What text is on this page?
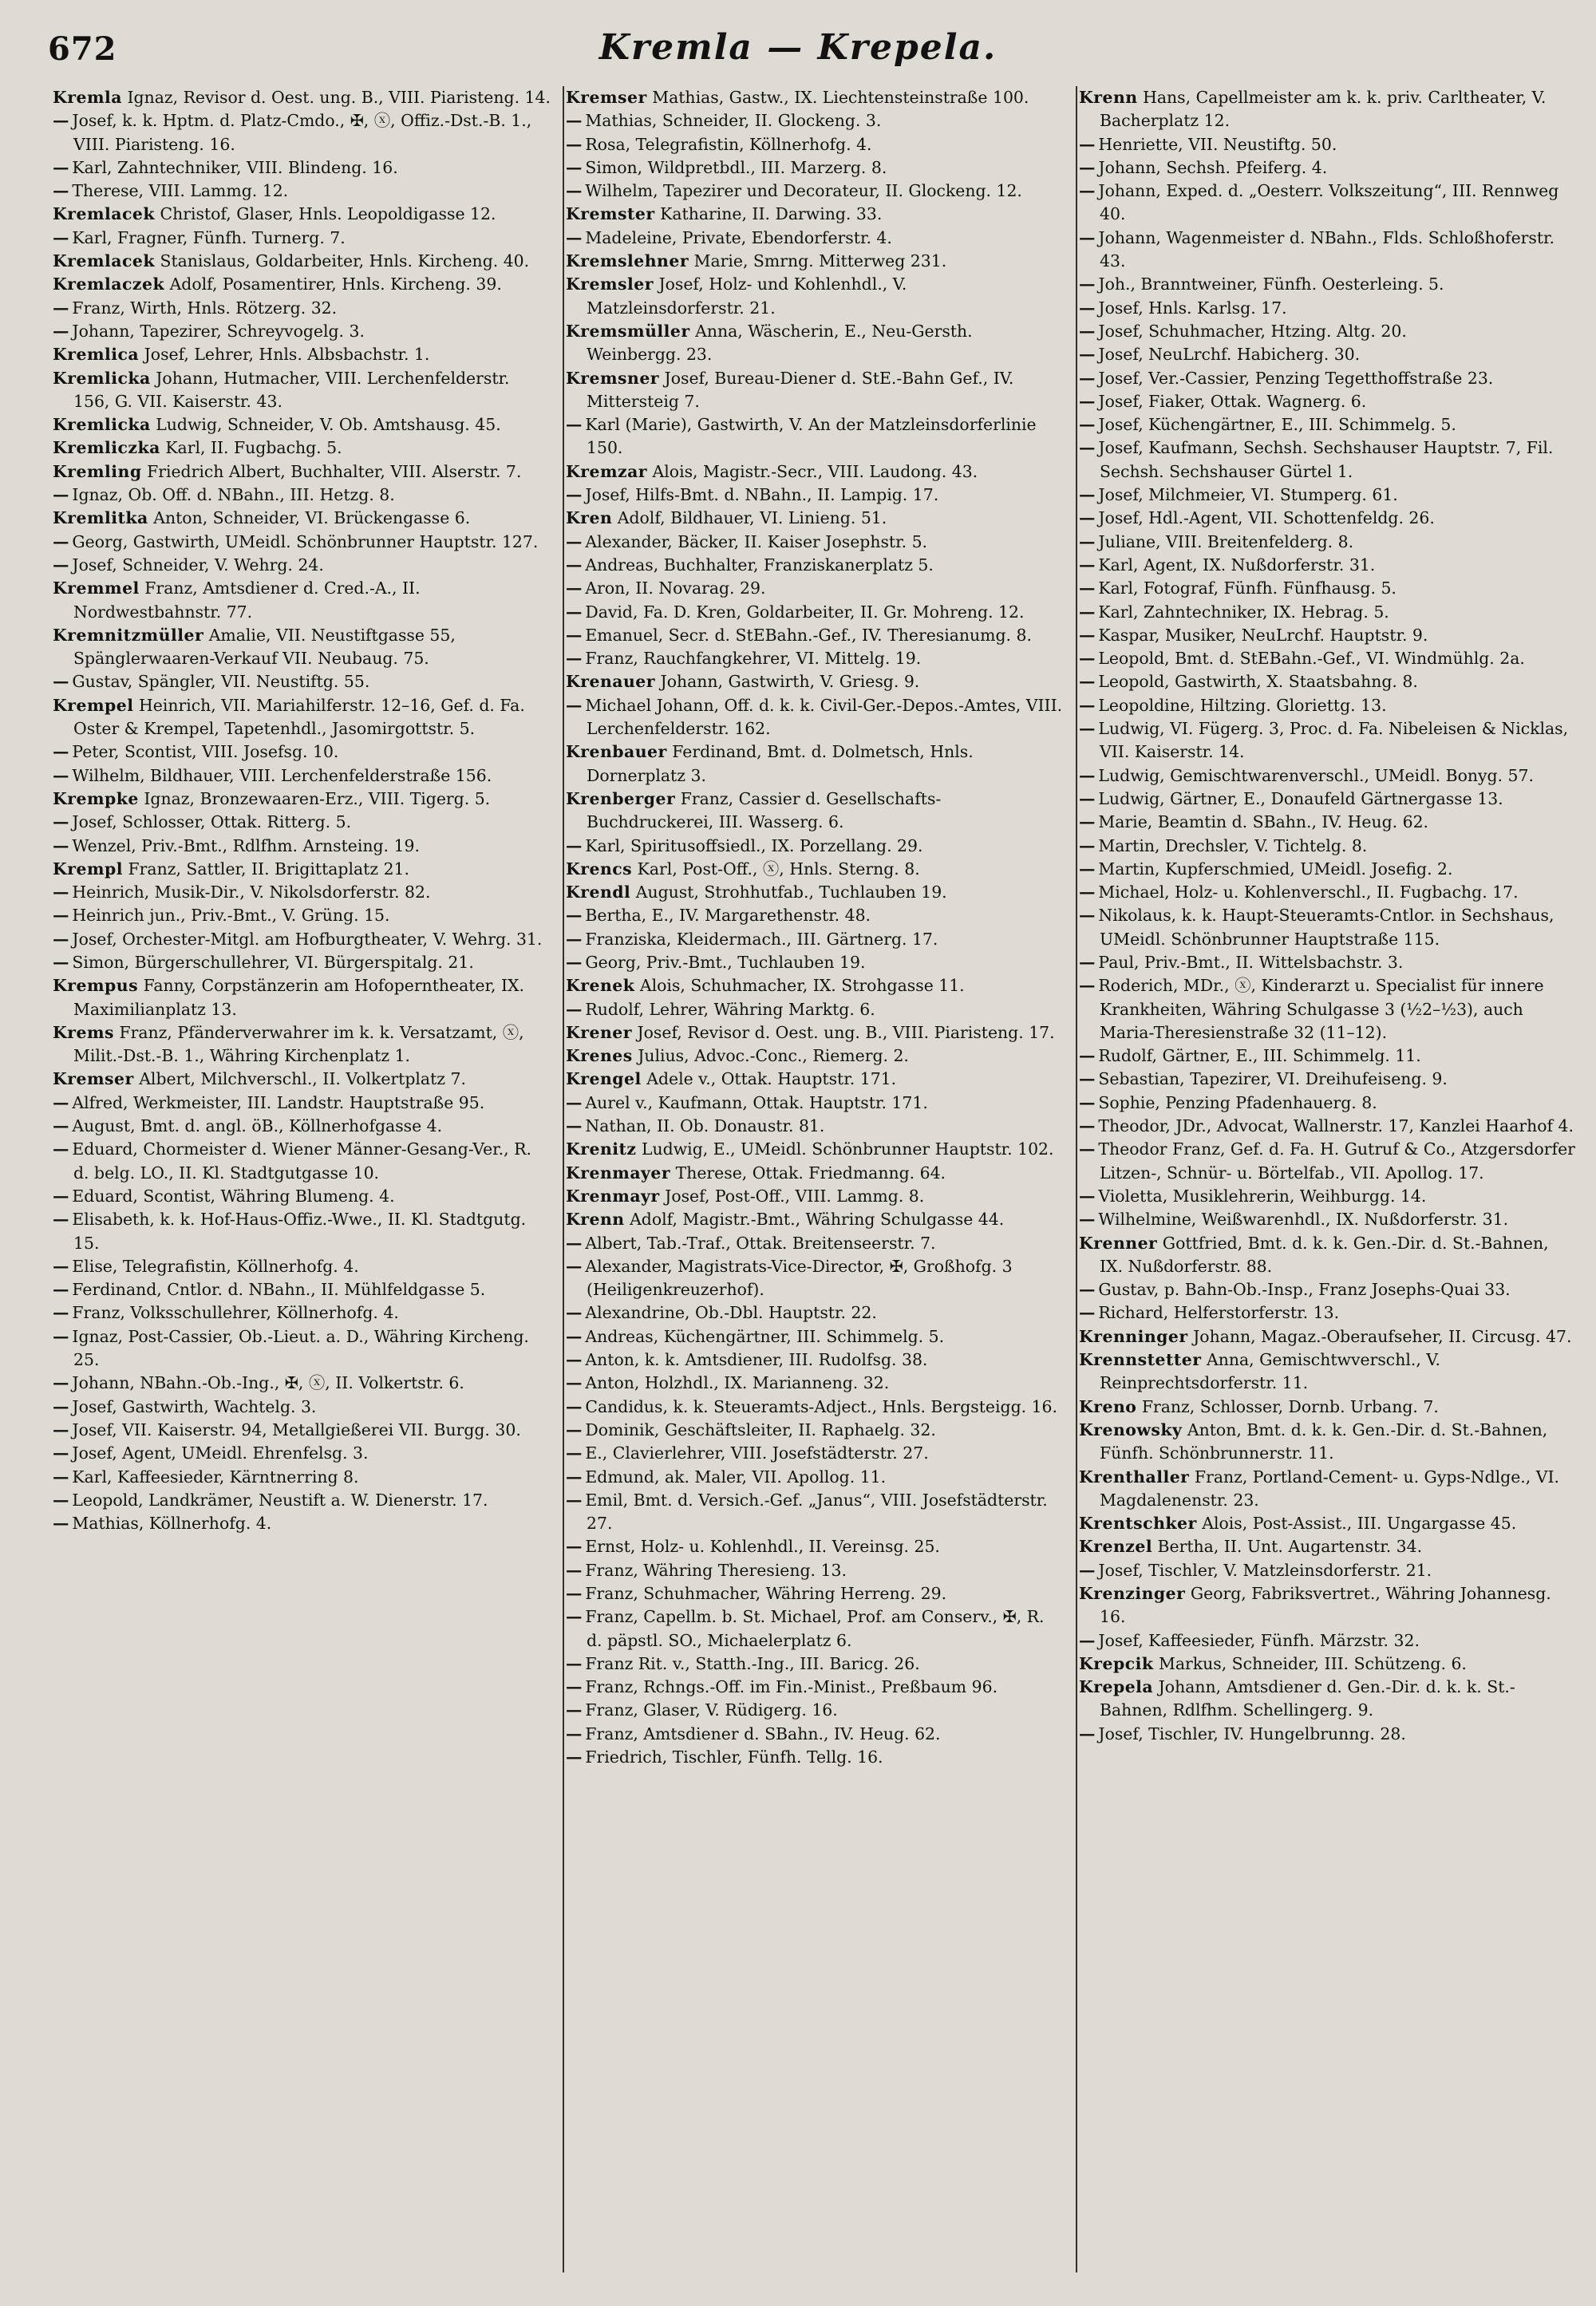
672	Kremla — Krepela.

Kremla Ignaz, Revisor d. Oest. ung. B., VIII. Piaristeng. 14.

— Josef, k. k. Hptm. d. Platz-Cmdo., ✠, ⓧ, Offiz.-Dst.-B. 1., VIII. Piaristeng. 16.

— Karl, Zahntechniker, VIII. Blindeng. 16.

— Therese, VIII. Lammg. 12.

Kremlacek Christof, Glaser, Hnls. Leopoldigasse 12.

— Karl, Fragner, Fünfh. Turnerg. 7.

Kremlacek Stanislaus, Goldarbeiter, Hnls. Kircheng. 40.

Kremlaczek Adolf, Posamentirer, Hnls. Kircheng. 39.

— Franz, Wirth, Hnls. Rötzerg. 32.

— Johann, Tapezirer, Schreyvogelg. 3.

Kremlica Josef, Lehrer, Hnls. Albsbachstr. 1.

Kremlicka Johann, Hutmacher, VIII. Lerchenfelderstr. 156, G. VII. Kaiserstr. 43.

Kremlicka Ludwig, Schneider, V. Ob. Amtshausg. 45.

Kremliczka Karl, II. Fugbachg. 5.

Kremling Friedrich Albert, Buchhalter, VIII. Alserstr. 7.

— Ignaz, Ob. Off. d. NBahn., III. Hetzg. 8.

Kremlitka Anton, Schneider, VI. Brückengasse 6.

— Georg, Gastwirth, UMeidl. Schönbrunner Hauptstr. 127.

— Josef, Schneider, V. Wehrg. 24.

Kremmel Franz, Amtsdiener d. Cred.-A., II. Nordwestbahnstr. 77.

Kremnitzmüller Amalie, VII. Neustiftgasse 55, Spänglerwaaren-Verkauf VII. Neubaug. 75.

— Gustav, Spängler, VII. Neustiftg. 55.

Krempel Heinrich, VII. Mariahilferstr. 12–16, Gef. d. Fa. Oster & Krempel, Tapetenhdl., Jasomirgottstr. 5.

— Peter, Scontist, VIII. Josefsg. 10.

— Wilhelm, Bildhauer, VIII. Lerchenfelderstraße 156.

Krempke Ignaz, Bronzewaaren-Erz., VIII. Tigerg. 5.

— Josef, Schlosser, Ottak. Ritterg. 5.

— Wenzel, Priv.-Bmt., Rdlfhm. Arnsteing. 19.

Krempl Franz, Sattler, II. Brigittaplatz 21.

— Heinrich, Musik-Dir., V. Nikolsdorferstr. 82.

— Heinrich jun., Priv.-Bmt., V. Grüng. 15.

— Josef, Orchester-Mitgl. am Hofburgtheater, V. Wehrg. 31.

— Simon, Bürgerschullehrer, VI. Bürgerspitalg. 21.

Krempus Fanny, Corpstänzerin am Hofoperntheater, IX. Maximilianplatz 13.

Krems Franz, Pfänderverwahrer im k. k. Versatzamt, ⓧ, Milit.-Dst.-B. 1., Währing Kirchenplatz 1.

Kremser Albert, Milchverschl., II. Volkertplatz 7.

— Alfred, Werkmeister, III. Landstr. Hauptstraße 95.

— August, Bmt. d. angl. öB., Köllnerhofgasse 4.

— Eduard, Chormeister d. Wiener Männer-Gesang-Ver., R. d. belg. LO., II. Kl. Stadtgutgasse 10.

— Eduard, Scontist, Währing Blumeng. 4.

— Elisabeth, k. k. Hof-Haus-Offiz.-Wwe., II. Kl. Stadtgutg. 15.

— Elise, Telegrafistin, Köllnerhofg. 4.

— Ferdinand, Cntlor. d. NBahn., II. Mühlfeldgasse 5.

— Franz, Volksschullehrer, Köllnerhofg. 4.

— Ignaz, Post-Cassier, Ob.-Lieut. a. D., Währing Kircheng. 25.

— Johann, NBahn.-Ob.-Ing., ✠, ⓧ, II. Volkertstr. 6.

— Josef, Gastwirth, Wachtelg. 3.

— Josef, VII. Kaiserstr. 94, Metallgießerei VII. Burgg. 30.

— Josef, Agent, UMeidl. Ehrenfelsg. 3.

— Karl, Kaffeesieder, Kärntnerring 8.

— Leopold, Landkrämer, Neustift a. W. Dienerstr. 17.

— Mathias, Köllnerhofg. 4.

Kremser Mathias, Gastw., IX. Liechtensteinstraße 100.

— Mathias, Schneider, II. Glockeng. 3.

— Rosa, Telegrafistin, Köllnerhofg. 4.

— Simon, Wildpretbdl., III. Marzerg. 8.

— Wilhelm, Tapezirer und Decorateur, II. Glockeng. 12.

Kremster Katharine, II. Darwing. 33.

— Madeleine, Private, Ebendorferstr. 4.

Kremslehner Marie, Smrng. Mitterweg 231.

Kremsler Josef, Holz- und Kohlenhdl., V. Matzleinsdorferstr. 21.

Kremsmüller Anna, Wäscherin, E., Neu-Gersth. Weinbergg. 23.

Kremsner Josef, Bureau-Diener d. StE.-Bahn Gef., IV. Mittersteig 7.

— Karl (Marie), Gastwirth, V. An der Matzleinsdorferlinie 150.

Kremzar Alois, Magistr.-Secr., VIII. Laudong. 43.

— Josef, Hilfs-Bmt. d. NBahn., II. Lampig. 17.

Kren Adolf, Bildhauer, VI. Linieng. 51.

— Alexander, Bäcker, II. Kaiser Josephstr. 5.

— Andreas, Buchhalter, Franziskanerplatz 5.

— Aron, II. Novarag. 29.

— David, Fa. D. Kren, Goldarbeiter, II. Gr. Mohreng. 12.

— Emanuel, Secr. d. StEBahn.-Gef., IV. Theresianumg. 8.

— Franz, Rauchfangkehrer, VI. Mittelg. 19.

Krenauer Johann, Gastwirth, V. Griesg. 9.

— Michael Johann, Off. d. k. k. Civil-Ger.-Depos.-Amtes, VIII. Lerchenfelderstr. 162.

Krenbauer Ferdinand, Bmt. d. Dolmetsch, Hnls. Dornerplatz 3.

Krenberger Franz, Cassier d. Gesellschafts-Buchdruckerei, III. Wasserg. 6.

— Karl, Spiritusoffsiedl., IX. Porzellang. 29.

Krencs Karl, Post-Off., ⓧ, Hnls. Sterng. 8.

Krendl August, Strohhutfab., Tuchlauben 19.

— Bertha, E., IV. Margarethenstr. 48.

— Franziska, Kleidermach., III. Gärtnerg. 17.

— Georg, Priv.-Bmt., Tuchlauben 19.

Krenek Alois, Schuhmacher, IX. Strohgasse 11.

— Rudolf, Lehrer, Währing Marktg. 6.

Krener Josef, Revisor d. Oest. ung. B., VIII. Piaristeng. 17.

Krenes Julius, Advoc.-Conc., Riemerg. 2.

Krengel Adele v., Ottak. Hauptstr. 171.

— Aurel v., Kaufmann, Ottak. Hauptstr. 171.

— Nathan, II. Ob. Donaustr. 81.

Krenitz Ludwig, E., UMeidl. Schönbrunner Hauptstr. 102.

Krenmayer Therese, Ottak. Friedmanng. 64.

Krenmayr Josef, Post-Off., VIII. Lammg. 8.

Krenn Adolf, Magistr.-Bmt., Währing Schulgasse 44.

— Albert, Tab.-Traf., Ottak. Breitenseerstr. 7.

— Alexander, Magistrats-Vice-Director, ✠, Großhofg. 3 (Heiligenkreuzerhof).

— Alexandrine, Ob.-Dbl. Hauptstr. 22.

— Andreas, Küchengärtner, III. Schimmelg. 5.

— Anton, k. k. Amtsdiener, III. Rudolfsg. 38.

— Anton, Holzhdl., IX. Marianneng. 32.

— Candidus, k. k. Steueramts-Adject., Hnls. Bergsteigg. 16.

— Dominik, Geschäftsleiter, II. Raphaelg. 32.

— E., Clavierlehrer, VIII. Josefstädterstr. 27.

— Edmund, ak. Maler, VII. Apollog. 11.

— Emil, Bmt. d. Versich.-Gef. „Janus“, VIII. Josefstädterstr. 27.

— Ernst, Holz- u. Kohlenhdl., II. Vereinsg. 25.

— Franz, Währing Theresieng. 13.

— Franz, Schuhmacher, Währing Herreng. 29.

— Franz, Capellm. b. St. Michael, Prof. am Conserv., ✠, R. d. päpstl. SO., Michaelerplatz 6.

— Franz Rit. v., Statth.-Ing., III. Baricg. 26.

— Franz, Rchngs.-Off. im Fin.-Minist., Preßbaum 96.

— Franz, Glaser, V. Rüdigerg. 16.

— Franz, Amtsdiener d. SBahn., IV. Heug. 62.

— Friedrich, Tischler, Fünfh. Tellg. 16.

Krenn Hans, Capellmeister am k. k. priv. Carltheater, V. Bacherplatz 12.

— Henriette, VII. Neustiftg. 50.

— Johann, Sechsh. Pfeiferg. 4.

— Johann, Exped. d. „Oesterr. Volkszeitung“, III. Rennweg 40.

— Johann, Wagenmeister d. NBahn., Flds. Schloßhoferstr. 43.

— Joh., Branntweiner, Fünfh. Oesterleing. 5.

— Josef, Hnls. Karlsg. 17.

— Josef, Schuhmacher, Htzing. Altg. 20.

— Josef, NeuLrchf. Habicherg. 30.

— Josef, Ver.-Cassier, Penzing Tegetthoffstraße 23.

— Josef, Fiaker, Ottak. Wagnerg. 6.

— Josef, Küchengärtner, E., III. Schimmelg. 5.

— Josef, Kaufmann, Sechsh. Sechshauser Hauptstr. 7, Fil. Sechsh. Sechshauser Gürtel 1.

— Josef, Milchmeier, VI. Stumperg. 61.

— Josef, Hdl.-Agent, VII. Schottenfeldg. 26.

— Juliane, VIII. Breitenfelderg. 8.

— Karl, Agent, IX. Nußdorferstr. 31.

— Karl, Fotograf, Fünfh. Fünfhausg. 5.

— Karl, Zahntechniker, IX. Hebrag. 5.

— Kaspar, Musiker, NeuLrchf. Hauptstr. 9.

— Leopold, Bmt. d. StEBahn.-Gef., VI. Windmühlg. 2a.

— Leopold, Gastwirth, X. Staatsbahng. 8.

— Leopoldine, Hiltzing. Gloriettg. 13.

— Ludwig, VI. Fügerg. 3, Proc. d. Fa. Nibeleisen & Nicklas, VII. Kaiserstr. 14.

— Ludwig, Gemischtwarenverschl., UMeidl. Bonyg. 57.

— Ludwig, Gärtner, E., Donaufeld Gärtnergasse 13.

— Marie, Beamtin d. SBahn., IV. Heug. 62.

— Martin, Drechsler, V. Tichtelg. 8.

— Martin, Kupferschmied, UMeidl. Josefig. 2.

— Michael, Holz- u. Kohlenverschl., II. Fugbachg. 17.

— Nikolaus, k. k. Haupt-Steueramts-Cntlor. in Sechshaus, UMeidl. Schönbrunner Hauptstraße 115.

— Paul, Priv.-Bmt., II. Wittelsbachstr. 3.

— Roderich, MDr., ⓧ, Kinderarzt u. Specialist für innere Krankheiten, Währing Schulgasse 3 (½2–½3), auch Maria-Theresienstraße 32 (11–12).

— Rudolf, Gärtner, E., III. Schimmelg. 11.

— Sebastian, Tapezirer, VI. Dreihufeiseng. 9.

— Sophie, Penzing Pfadenhauerg. 8.

— Theodor, JDr., Advocat, Wallnerstr. 17, Kanzlei Haarhof 4.

— Theodor Franz, Gef. d. Fa. H. Gutruf & Co., Atzgersdorfer Litzen-, Schnür- u. Börtelfab., VII. Apollog. 17.

— Violetta, Musiklehrerin, Weihburgg. 14.

— Wilhelmine, Weißwarenhdl., IX. Nußdorferstr. 31.

Krenner Gottfried, Bmt. d. k. k. Gen.-Dir. d. St.-Bahnen, IX. Nußdorferstr. 88.

— Gustav, p. Bahn-Ob.-Insp., Franz Josephs-Quai 33.

— Richard, Helferstorferstr. 13.

Krenninger Johann, Magaz.-Oberaufseher, II. Circusg. 47.

Krennstetter Anna, Gemischtwverschl., V. Reinprechtsdorferstr. 11.

Kreno Franz, Schlosser, Dornb. Urbang. 7.

Krenowsky Anton, Bmt. d. k. k. Gen.-Dir. d. St.-Bahnen, Fünfh. Schönbrunnerstr. 11.

Krenthaller Franz, Portland-Cement- u. Gyps-Ndlge., VI. Magdalenenstr. 23.

Krentschker Alois, Post-Assist., III. Ungargasse 45.

Krenzel Bertha, II. Unt. Augartenstr. 34.

— Josef, Tischler, V. Matzleinsdorferstr. 21.

Krenzinger Georg, Fabriksvertret., Währing Johannesg. 16.

— Josef, Kaffeesieder, Fünfh. Märzstr. 32.

Krepcik Markus, Schneider, III. Schützeng. 6.

Krepela Johann, Amtsdiener d. Gen.-Dir. d. k. k. St.-Bahnen, Rdlfhm. Schellingerg. 9.

— Josef, Tischler, IV. Hungelbrunng. 28.
